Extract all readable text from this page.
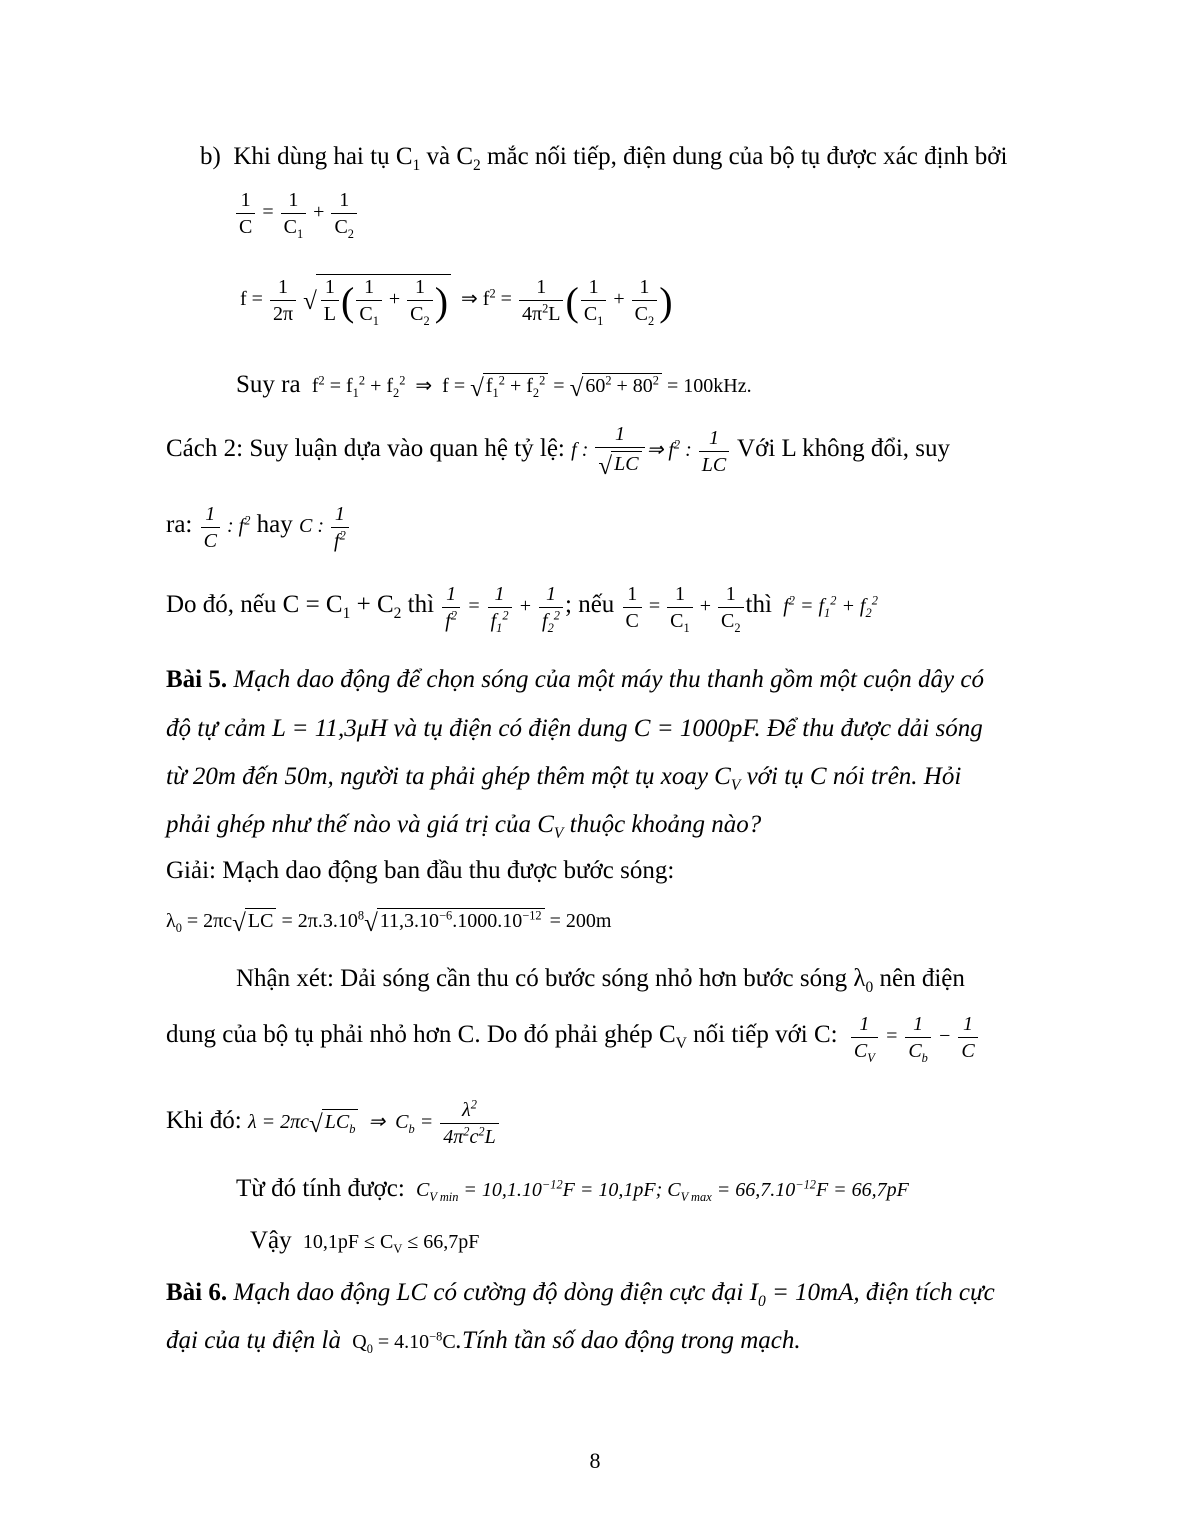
b) Khi dùng hai tụ $C_1$ và $C_2$ mắc nối tiếp, điện dung của bộ tụ được xác định bởi
$\frac{1}{C} = \frac{1}{C_1} + \frac{1}{C_2}$
$f = \frac{1}{2\pi}$ √ $\frac{1}{L}$ ( $\frac{1}{C_1} + \frac{1}{C_2}$ )  ⇒ $f^2 = \frac{1}{4\pi^2L}$ ( $\frac{1}{C_1} + \frac{1}{C_2}$ )
Suy ra  $f^2 = f_1^2 + f_2^2$  ⇒  f = √ $f_1^2 + f_2^2$ = √ $60^2 + 80^2 = 100kHz$.
Cách 2: Suy luận dựa vào quan hệ tỷ lệ: f : $\frac{1}{√ LC}$ ⇒ $f^2$ : $\frac{1}{LC}$ Với L không đổi, suy
ra: $\frac{1}{C}$ : $f^2$ hay C : $\frac{1}{f^2}$
Do đó, nếu $C = C_1 + C_2$ thì $\frac{1}{f^2} = \frac{1}{f_1^2} + \frac{1}{f_2^2}$ ; nếu $\frac{1}{C} = \frac{1}{C_1} + \frac{1}{C_2}$ thì  $f^2 = f_1^2 + f_2^2$
Bài 5. Mạch dao động để chọn sóng của một máy thu thanh gồm một cuộn dây có
độ tự cảm L = 11,3μH và tụ điện có điện dung C = 1000pF. Để thu được dải sóng
từ 20m đến 50m, người ta phải ghép thêm một tụ xoay $C_V$ với tụ C nói trên. Hỏi
phải ghép như thế nào và giá trị của $C_V$ thuộc khoảng nào?
Giải: Mạch dao động ban đầu thu được bước sóng:
$\lambda_0 = 2\pi c√$ LC = $2\pi.3.10^8√$ $11,3.10^{-6}.1000.10^{-12} = 200m$
Nhận xét: Dải sóng cần thu có bước sóng nhỏ hơn bước sóng $\lambda_0$ nên điện
dung của bộ tụ phải nhỏ hơn C. Do đó phải ghép $C_V$ nối tiếp với C: $\frac{1}{C_V} = \frac{1}{C_b} - \frac{1}{C}$
Khi đó: λ = 2πc√ $LC_b$  ⇒  $C_b = \frac{\lambda^2}{4\pi^2c^2L}$
Từ đó tính được:  $C_{V min} = 10,1.10^{-12}F = 10,1pF$; $C_{V max} = 66,7.10^{-12}F = 66,7pF$
Vậy  $10,1pF \le C_V \le 66,7pF$
Bài 6. Mạch dao động LC có cường độ dòng điện cực đại $I_0 = 10mA$, điện tích cực
đại của tụ điện là  $Q_0$ = $4.10^{-8}C.Tính$ tần số dao động trong mạch.
8
